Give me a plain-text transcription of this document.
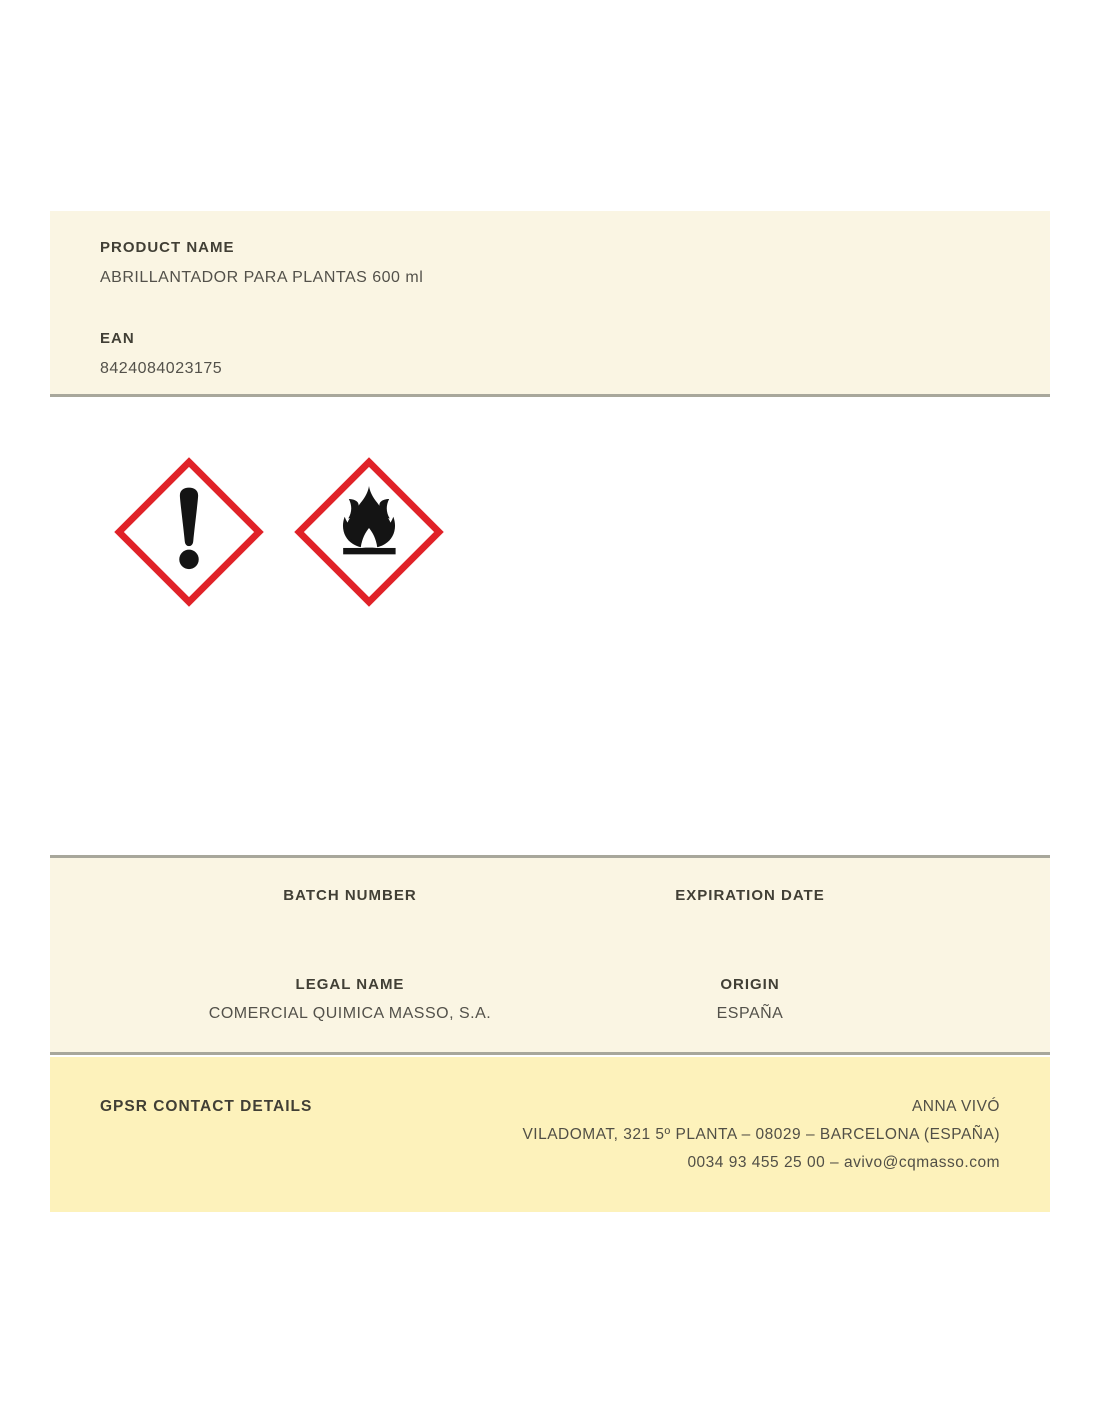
PRODUCT NAME
ABRILLANTADOR PARA PLANTAS 600 ml
EAN
8424084023175
BATCH NUMBER	EXPIRATION DATE
LEGAL NAME
COMERCIAL QUIMICA MASSO, S.A.
ORIGIN
ESPAÑA
GPSR CONTACT DETAILS	ANNA VIVÓ
VILADOMAT, 321 5º PLANTA – 08029 – BARCELONA (ESPAÑA)
0034 93 455 25 00 – avivo@cqmasso.com
